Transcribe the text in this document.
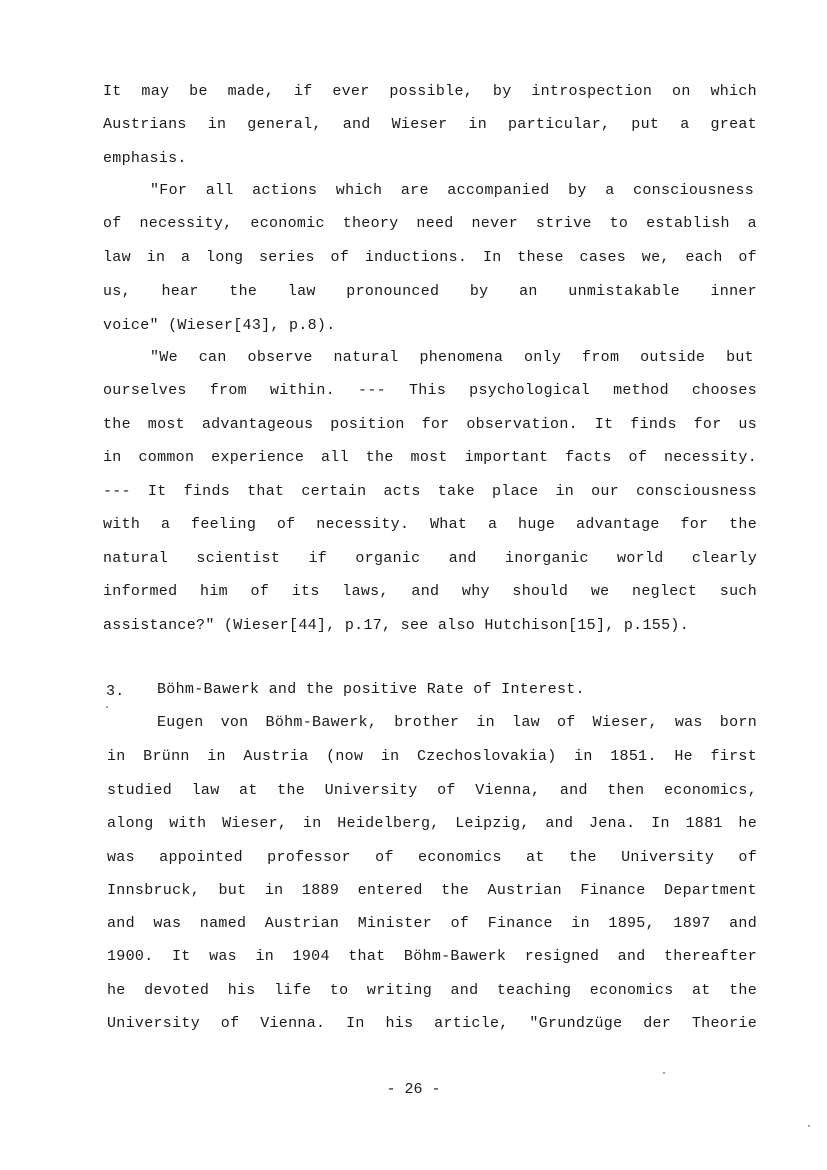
It may be made, if ever possible, by introspection on which
Austrians in general, and Wieser in particular, put a great
emphasis.
"For all actions which are accompanied by a consciousness
of necessity, economic theory need never strive to establish a
law in a long series of inductions. In these cases we, each of
us, hear the law pronounced by an unmistakable inner
voice" (Wieser[43], p.8).
"We can observe natural phenomena only from outside but
ourselves from within. --- This psychological method chooses
the most advantageous position for observation. It finds for us
in common experience all the most important facts of necessity.
--- It finds that certain acts take place in our consciousness
with a feeling of necessity. What a huge advantage for the
natural scientist if organic and inorganic world clearly
informed him of its laws, and why should we neglect such
assistance?" (Wieser[44], p.17, see also Hutchison[15], p.155).
3. Böhm-Bawerk and the positive Rate of Interest.
Eugen von Böhm-Bawerk, brother in law of Wieser, was born
in Brünn in Austria (now in Czechoslovakia) in 1851. He first
studied law at the University of Vienna, and then economics,
along with Wieser, in Heidelberg, Leipzig, and Jena. In 1881 he
was appointed professor of economics at the University of
Innsbruck, but in 1889 entered the Austrian Finance Department
and was named Austrian Minister of Finance in 1895, 1897 and
1900. It was in 1904 that Böhm-Bawerk resigned and thereafter
he devoted his life to writing and teaching economics at the
University of Vienna. In his article, "Grundzüge der Theorie
- 26 -
